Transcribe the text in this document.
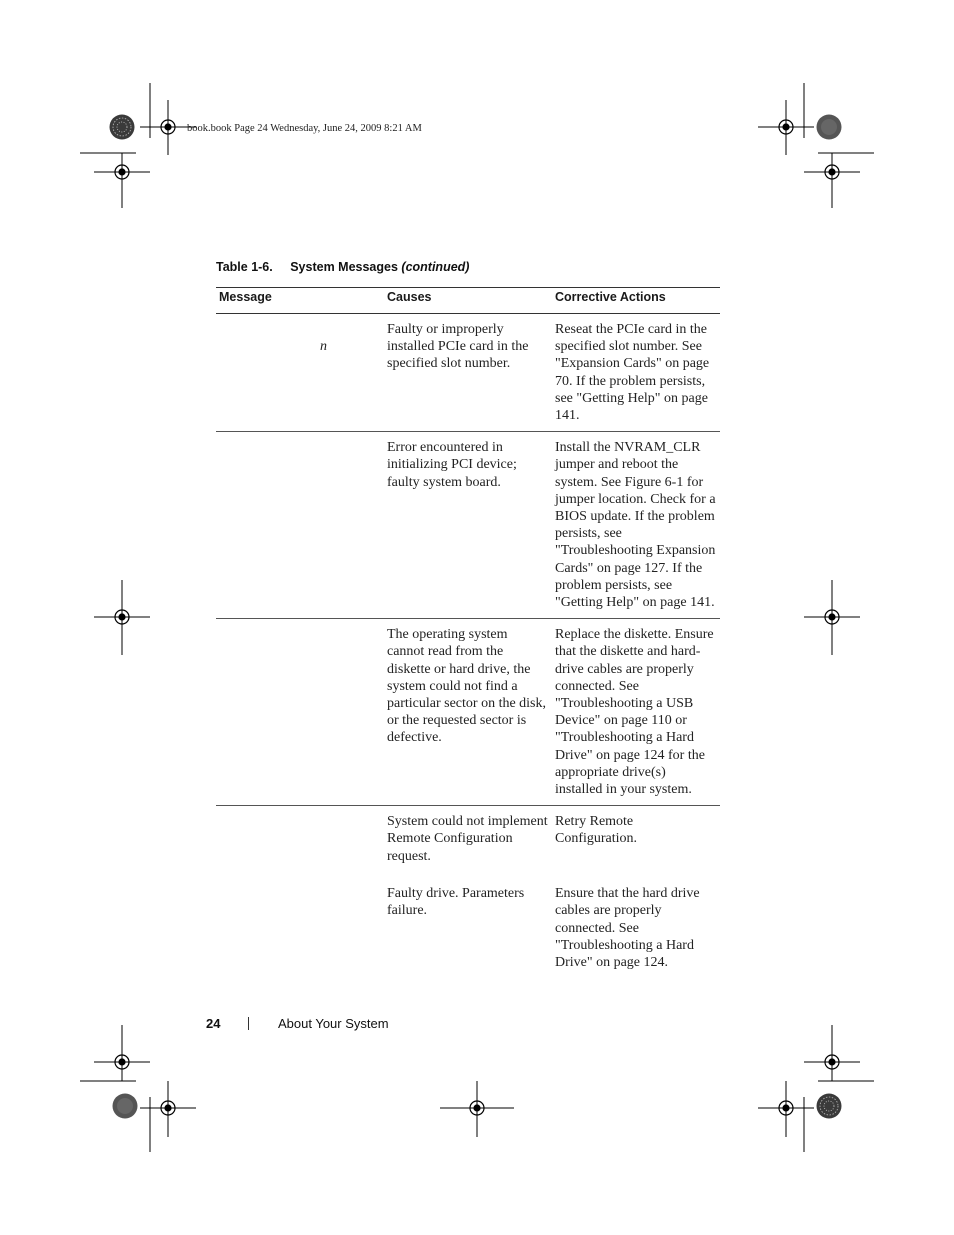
book.book Page 24 Wednesday, June 24, 2009 8:21 AM
Table 1-6. System Messages (continued)
Message	Causes	Corrective Actions

n	Faulty or improperly installed PCIe card in the specified slot number.	Reseat the PCIe card in the specified slot number. See "Expansion Cards" on page 70. If the problem persists, see "Getting Help" on page 141.
	Error encountered in initializing PCI device; faulty system board.	Install the NVRAM_CLR jumper and reboot the system. See Figure 6-1 for jumper location. Check for a BIOS update. If the problem persists, see "Troubleshooting Expansion Cards" on page 127. If the problem persists, see "Getting Help" on page 141.
	The operating system cannot read from the diskette or hard drive, the system could not find a particular sector on the disk, or the requested sector is defective.	Replace the diskette. Ensure that the diskette and hard-drive cables are properly connected. See "Troubleshooting a USB Device" on page 110 or "Troubleshooting a Hard Drive" on page 124 for the appropriate drive(s) installed in your system.
	System could not implement Remote Configuration request.	Retry Remote Configuration.
	Faulty drive. Parameters failure.	Ensure that the hard drive cables are properly connected. See "Troubleshooting a Hard Drive" on page 124.
24	About Your System
